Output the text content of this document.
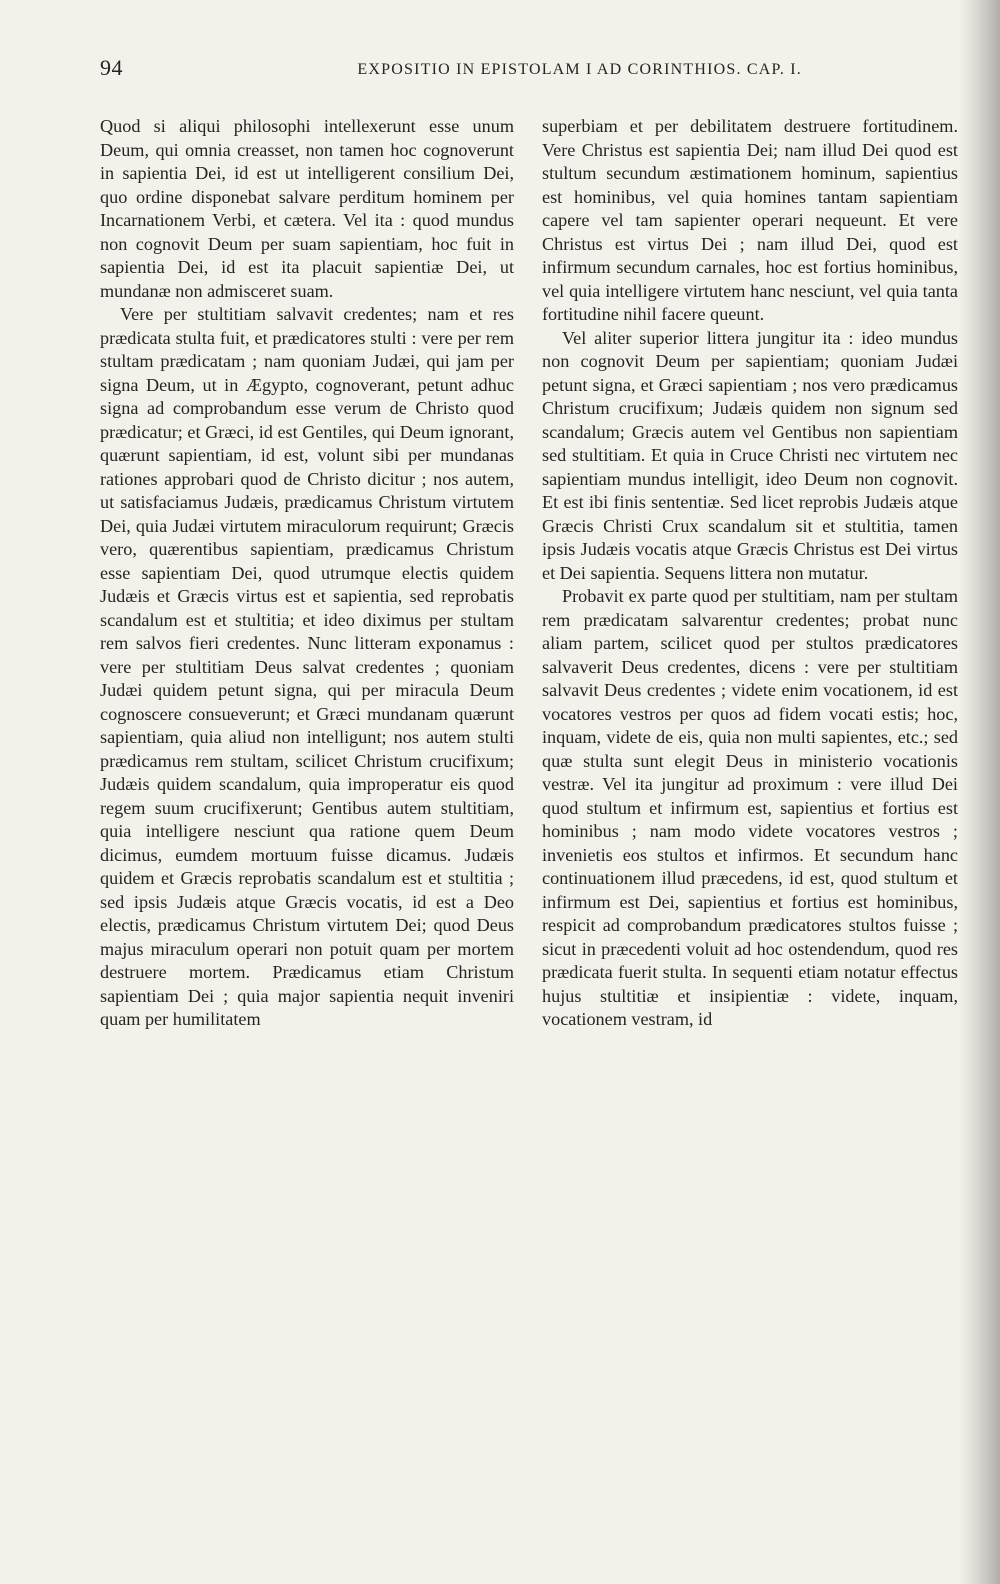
94	EXPOSITIO IN EPISTOLAM I AD CORINTHIOS. CAP. I.

Quod si aliqui philosophi intellexerunt esse unum Deum, qui omnia creasset, non tamen hoc cognoverunt in sapientia Dei, id est ut intelligerent consilium Dei, quo ordine disponebat salvare perditum hominem per Incarnationem Verbi, et cætera. Vel ita : quod mundus non cognovit Deum per suam sapientiam, hoc fuit in sapientia Dei, id est ita placuit sapientiæ Dei, ut mundanæ non admisceret suam.

Vere per stultitiam salvavit credentes; nam et res prædicata stulta fuit, et prædicatores stulti : vere per rem stultam prædicatam ; nam quoniam Judæi, qui jam per signa Deum, ut in Ægypto, cognoverant, petunt adhuc signa ad comprobandum esse verum de Christo quod prædicatur; et Græci, id est Gentiles, qui Deum ignorant, quærunt sapientiam, id est, volunt sibi per mundanas rationes approbari quod de Christo dicitur ; nos autem, ut satisfaciamus Judæis, prædicamus Christum virtutem Dei, quia Judæi virtutem miraculorum requirunt; Græcis vero, quærentibus sapientiam, prædicamus Christum esse sapientiam Dei, quod utrumque electis quidem Judæis et Græcis virtus est et sapientia, sed reprobatis scandalum est et stultitia; et ideo diximus per stultam rem salvos fieri credentes. Nunc litteram exponamus : vere per stultitiam Deus salvat credentes ; quoniam Judæi quidem petunt signa, qui per miracula Deum cognoscere consueverunt; et Græci mundanam quærunt sapientiam, quia aliud non intelligunt; nos autem stulti prædicamus rem stultam, scilicet Christum crucifixum; Judæis quidem scandalum, quia improperatur eis quod regem suum crucifixerunt; Gentibus autem stultitiam, quia intelligere nesciunt qua ratione quem Deum dicimus, eumdem mortuum fuisse dicamus. Judæis quidem et Græcis reprobatis scandalum est et stultitia ; sed ipsis Judæis atque Græcis vocatis, id est a Deo electis, prædicamus Christum virtutem Dei; quod Deus majus miraculum operari non potuit quam per mortem destruere mortem. Prædicamus etiam Christum sapientiam Dei ; quia major sapientia nequit inveniri quam per humilitatem

superbiam et per debilitatem destruere fortitudinem. Vere Christus est sapientia Dei; nam illud Dei quod est stultum secundum æstimationem hominum, sapientius est hominibus, vel quia homines tantam sapientiam capere vel tam sapienter operari nequeunt. Et vere Christus est virtus Dei ; nam illud Dei, quod est infirmum secundum carnales, hoc est fortius hominibus, vel quia intelligere virtutem hanc nesciunt, vel quia tanta fortitudine nihil facere queunt.

Vel aliter superior littera jungitur ita : ideo mundus non cognovit Deum per sapientiam; quoniam Judæi petunt signa, et Græci sapientiam ; nos vero prædicamus Christum crucifixum; Judæis quidem non signum sed scandalum; Græcis autem vel Gentibus non sapientiam sed stultitiam. Et quia in Cruce Christi nec virtutem nec sapientiam mundus intelligit, ideo Deum non cognovit. Et est ibi finis sententiæ. Sed licet reprobis Judæis atque Græcis Christi Crux scandalum sit et stultitia, tamen ipsis Judæis vocatis atque Græcis Christus est Dei virtus et Dei sapientia. Sequens littera non mutatur.

Probavit ex parte quod per stultitiam, nam per stultam rem prædicatam salvarentur credentes; probat nunc aliam partem, scilicet quod per stultos prædicatores salvaverit Deus credentes, dicens : vere per stultitiam salvavit Deus credentes ; videte enim vocationem, id est vocatores vestros per quos ad fidem vocati estis; hoc, inquam, videte de eis, quia non multi sapientes, etc.; sed quæ stulta sunt elegit Deus in ministerio vocationis vestræ. Vel ita jungitur ad proximum : vere illud Dei quod stultum et infirmum est, sapientius et fortius est hominibus ; nam modo videte vocatores vestros ; invenietis eos stultos et infirmos. Et secundum hanc continuationem illud præcedens, id est, quod stultum et infirmum est Dei, sapientius et fortius est hominibus, respicit ad comprobandum prædicatores stultos fuisse ; sicut in præcedenti voluit ad hoc ostendendum, quod res prædicata fuerit stulta. In sequenti etiam notatur effectus hujus stultitiæ et insipientiæ : videte, inquam, vocationem vestram, id
